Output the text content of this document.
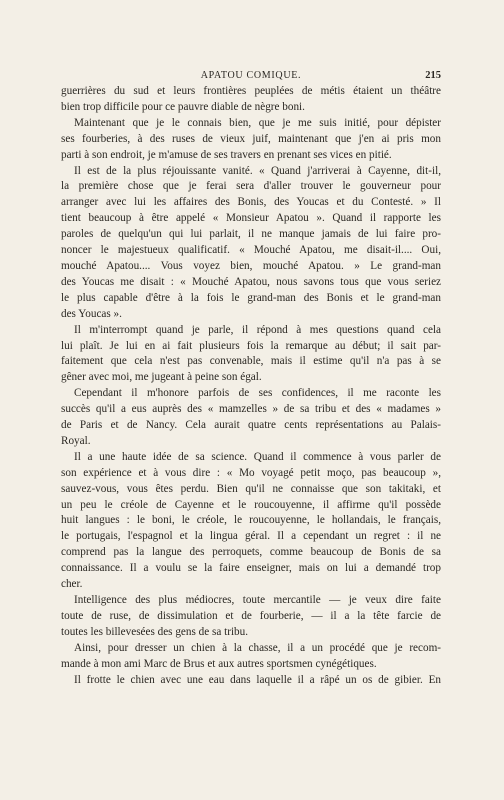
APATOU COMIQUE.	215
guerrières du sud et leurs frontières peuplées de métis étaient un théâtre
bien trop difficile pour ce pauvre diable de nègre boni.
Maintenant que je le connais bien, que je me suis initié, pour dépister
ses fourberies, à des ruses de vieux juif, maintenant que j'en ai pris mon
parti à son endroit, je m'amuse de ses travers en prenant ses vices en pitié.
Il est de la plus réjouissante vanité. « Quand j'arriverai à Cayenne, dit-il,
la première chose que je ferai sera d'aller trouver le gouverneur pour
arranger avec lui les affaires des Bonis, des Youcas et du Contesté. » Il
tient beaucoup à être appelé « Monsieur Apatou ». Quand il rapporte les
paroles de quelqu'un qui lui parlait, il ne manque jamais de lui faire pro-
noncer le majestueux qualificatif. « Mouché Apatou, me disait-il.... Oui,
mouché Apatou.... Vous voyez bien, mouché Apatou. » Le grand-man
des Youcas me disait : « Mouché Apatou, nous savons tous que vous seriez
le plus capable d'être à la fois le grand-man des Bonis et le grand-man
des Youcas ».
Il m'interrompt quand je parle, il répond à mes questions quand cela
lui plaît. Je lui en ai fait plusieurs fois la remarque au début; il sait par-
faitement que cela n'est pas convenable, mais il estime qu'il n'a pas à se
gêner avec moi, me jugeant à peine son égal.
Cependant il m'honore parfois de ses confidences, il me raconte les
succès qu'il a eus auprès des « mamzelles » de sa tribu et des « madames »
de Paris et de Nancy. Cela aurait quatre cents représentations au Palais-
Royal.
Il a une haute idée de sa science. Quand il commence à vous parler de
son expérience et à vous dire : « Mo voyagé petit moço, pas beaucoup »,
sauvez-vous, vous êtes perdu. Bien qu'il ne connaisse que son takitaki, et
un peu le créole de Cayenne et le roucouyenne, il affirme qu'il possède
huit langues : le boni, le créole, le roucouyenne, le hollandais, le français,
le portugais, l'espagnol et la lingua géral. Il a cependant un regret : il ne
comprend pas la langue des perroquets, comme beaucoup de Bonis de sa
connaissance. Il a voulu se la faire enseigner, mais on lui a demandé trop
cher.
Intelligence des plus médiocres, toute mercantile — je veux dire faite
toute de ruse, de dissimulation et de fourberie, — il a la tête farcie de
toutes les billevesées des gens de sa tribu.
Ainsi, pour dresser un chien à la chasse, il a un procédé que je recom-
mande à mon ami Marc de Brus et aux autres sportsmen cynégétiques.
Il frotte le chien avec une eau dans laquelle il a râpé un os de gibier. En
